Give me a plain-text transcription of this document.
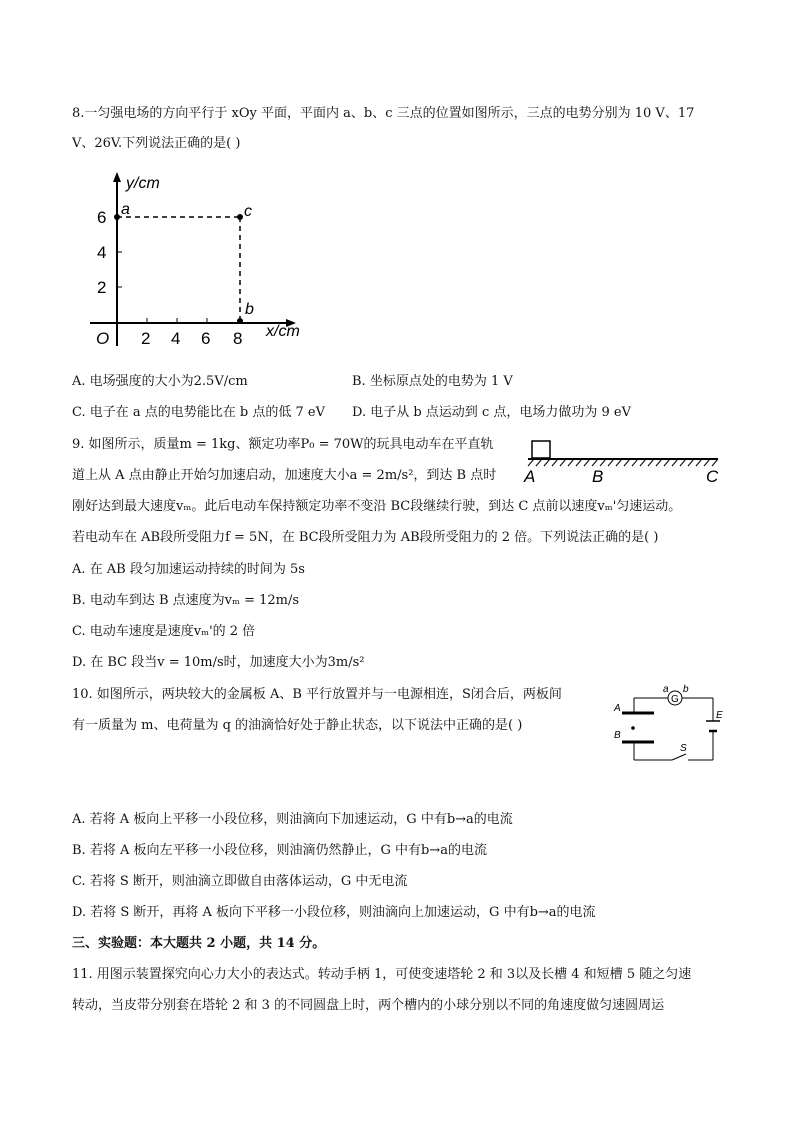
8.一匀强电场的方向平行于 xOy 平面，平面内 a、b、c 三点的位置如图所示，三点的电势分别为 10 V、17
V、26V.下列说法正确的是( )
y/cm
x/cm
O
6
4
2
2 4 6 8
a	c
b
A. 电场强度的大小为2.5V/cm	B. 坐标原点处的电势为 1 V
C. 电子在 a 点的电势能比在 b 点的低 7 eV D. 电子从 b 点运动到 c 点，电场力做功为 9 eV
9. 如图所示，质量m = 1kg、额定功率P₀ = 70W的玩具电动车在平直轨
道上从 A 点由静止开始匀加速启动，加速度大小a = 2m/s²，到达 B 点时
刚好达到最大速度vₘ。此后电动车保持额定功率不变沿 BC段继续行驶，到达 C 点前以速度vₘ'匀速运动。
若电动车在 AB段所受阻力f = 5N，在 BC段所受阻力为 AB段所受阻力的 2 倍。下列说法正确的是( )
A	B	C
A. 在 AB 段匀加速运动持续的时间为 5s
B. 电动车到达 B 点速度为vₘ = 12m/s
C. 电动车速度是速度vₘ'的 2 倍
D. 在 BC 段当v = 10m/s时，加速度大小为3m/s²
10. 如图所示，两块较大的金属板 A、B 平行放置并与一电源相连，S闭合后，两板间
有一质量为 m、电荷量为 q 的油滴恰好处于静止状态，以下说法中正确的是( )
G
a b
A
B
E
S
A. 若将 A 板向上平移一小段位移，则油滴向下加速运动，G 中有b→a的电流
B. 若将 A 板向左平移一小段位移，则油滴仍然静止，G 中有b→a的电流
C. 若将 S 断开，则油滴立即做自由落体运动，G 中无电流
D. 若将 S 断开，再将 A 板向下平移一小段位移，则油滴向上加速运动，G 中有b→a的电流
三、实验题：本大题共 2 小题，共 14 分。
11. 用图示装置探究向心力大小的表达式。转动手柄 1，可使变速塔轮 2 和 3以及长槽 4 和短槽 5 随之匀速
转动，当皮带分别套在塔轮 2 和 3 的不同圆盘上时，两个槽内的小球分别以不同的角速度做匀速圆周运
